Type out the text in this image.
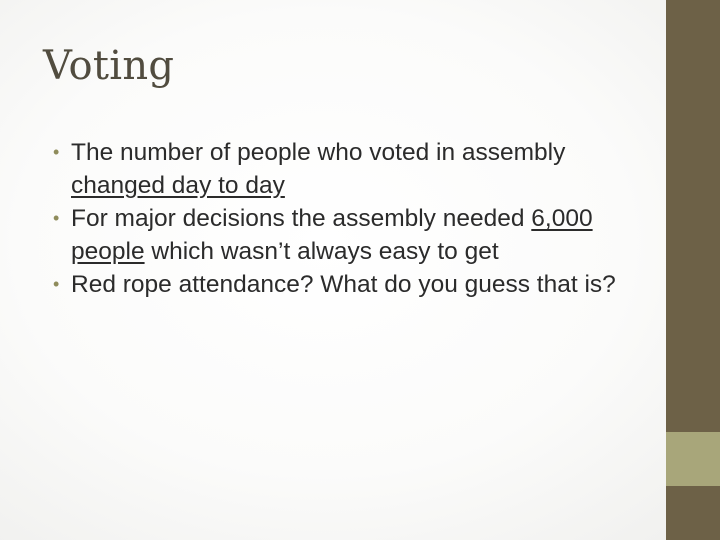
Voting
• The number of people who voted in assembly changed day to day
• For major decisions the assembly needed 6,000 people which wasn’t always easy to get
• Red rope attendance? What do you guess that is?
